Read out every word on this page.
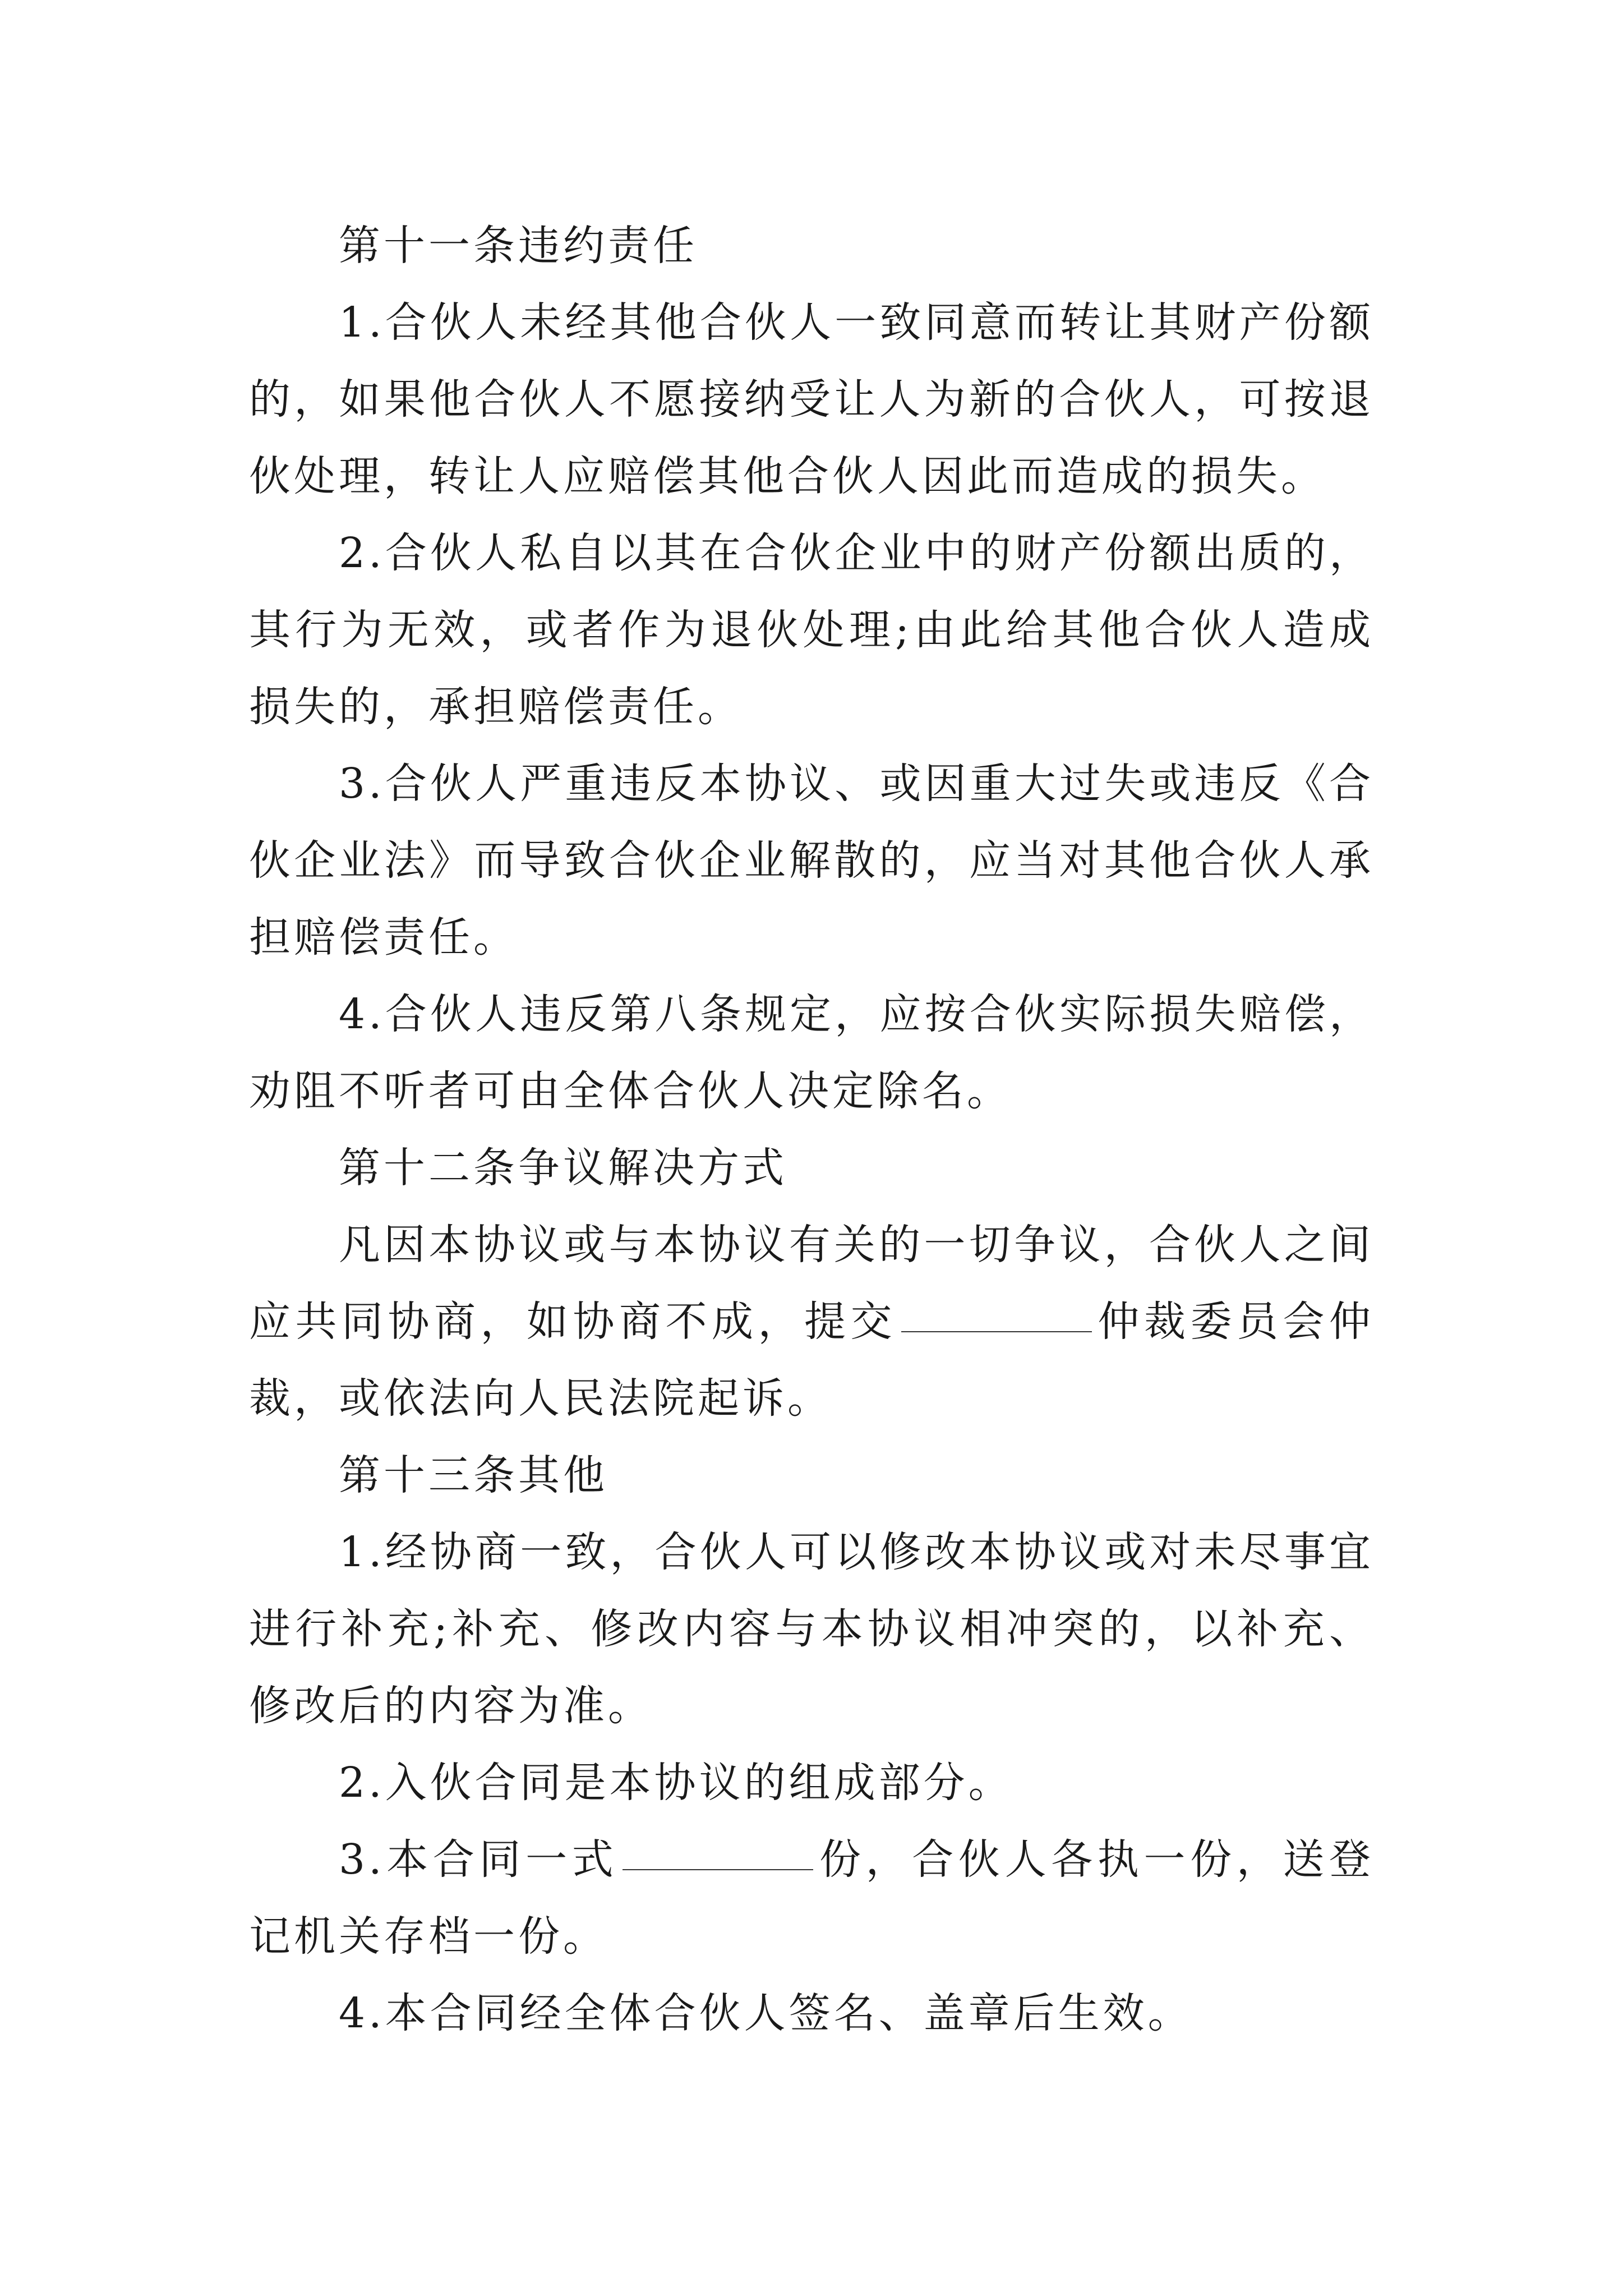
第十一条违约责任

1.合伙人未经其他合伙人一致同意而转让其财产份额的，如果他合伙人不愿接纳受让人为新的合伙人，可按退伙处理，转让人应赔偿其他合伙人因此而造成的损失。

2.合伙人私自以其在合伙企业中的财产份额出质的，其行为无效，或者作为退伙处理;由此给其他合伙人造成损失的，承担赔偿责任。

3.合伙人严重违反本协议、或因重大过失或违反《合伙企业法》而导致合伙企业解散的，应当对其他合伙人承担赔偿责任。

4.合伙人违反第八条规定，应按合伙实际损失赔偿，劝阻不听者可由全体合伙人决定除名。

第十二条争议解决方式

凡因本协议或与本协议有关的一切争议，合伙人之间应共同协商，如协商不成，提交	仲裁委员会仲裁，或依法向人民法院起诉。

第十三条其他

1.经协商一致，合伙人可以修改本协议或对未尽事宜进行补充;补充、修改内容与本协议相冲突的，以补充、修改后的内容为准。

2.入伙合同是本协议的组成部分。

3.本合同一式	份，合伙人各执一份，送登记机关存档一份。

4.本合同经全体合伙人签名、盖章后生效。
